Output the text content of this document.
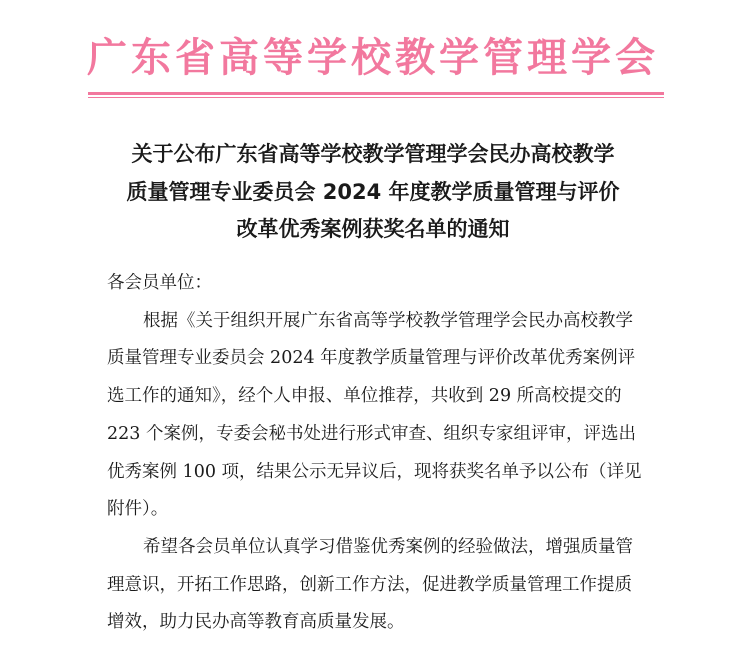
广东省高等学校教学管理学会
关于公布广东省高等学校教学管理学会民办高校教学
质量管理专业委员会 2024 年度教学质量管理与评价
改革优秀案例获奖名单的通知
各会员单位：
根据《关于组织开展广东省高等学校教学管理学会民办高校教学
质量管理专业委员会 2024 年度教学质量管理与评价改革优秀案例评
选工作的通知》，经个人申报、单位推荐，共收到 29 所高校提交的
223 个案例，专委会秘书处进行形式审查、组织专家组评审，评选出
优秀案例 100 项，结果公示无异议后，现将获奖名单予以公布（详见
附件）。
希望各会员单位认真学习借鉴优秀案例的经验做法，增强质量管
理意识，开拓工作思路，创新工作方法，促进教学质量管理工作提质
增效，助力民办高等教育高质量发展。
